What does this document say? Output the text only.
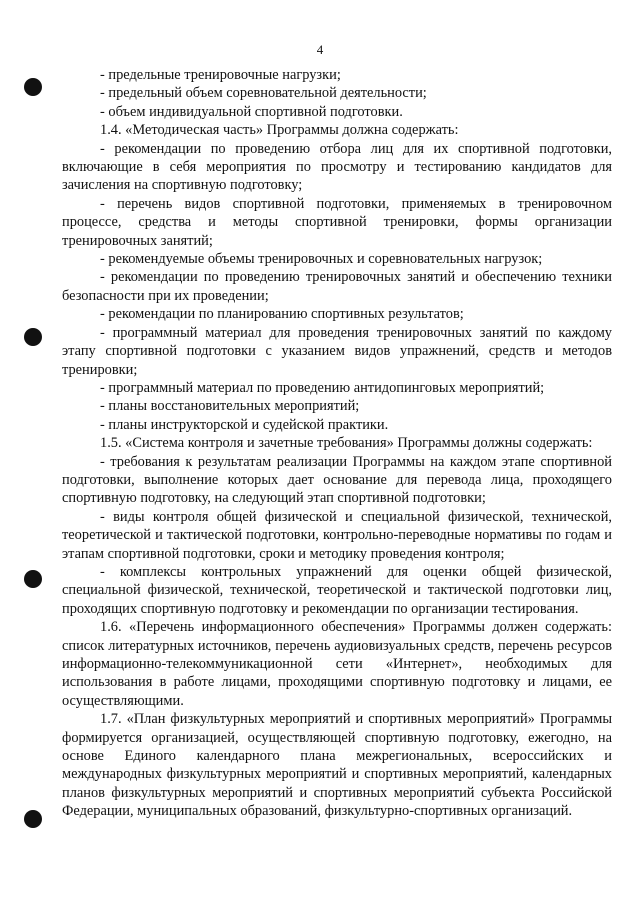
4

- предельные тренировочные нагрузки;

- предельный объем соревновательной деятельности;

- объем индивидуальной спортивной подготовки.

1.4. «Методическая часть» Программы должна содержать:

- рекомендации по проведению отбора лиц для их спортивной подготовки, включающие в себя мероприятия по просмотру и тестированию кандидатов для зачисления на спортивную подготовку;

- перечень видов спортивной подготовки, применяемых в тренировочном процессе, средства и методы спортивной тренировки, формы организации тренировочных занятий;

- рекомендуемые объемы тренировочных и соревновательных нагрузок;

- рекомендации по проведению тренировочных занятий и обеспечению техники безопасности при их проведении;

- рекомендации по планированию спортивных результатов;

- программный материал для проведения тренировочных занятий по каждому этапу спортивной подготовки с указанием видов упражнений, средств и методов тренировки;

- программный материал по проведению антидопинговых мероприятий;

- планы восстановительных мероприятий;

- планы инструкторской и судейской практики.

1.5. «Система контроля и зачетные требования» Программы должны содержать:

- требования к результатам реализации Программы на каждом этапе спортивной подготовки, выполнение которых дает основание для перевода лица, проходящего спортивную подготовку, на следующий этап спортивной подготовки;

- виды контроля общей физической и специальной физической, технической, теоретической и тактической подготовки, контрольно-переводные нормативы по годам и этапам спортивной подготовки, сроки и методику проведения контроля;

- комплексы контрольных упражнений для оценки общей физической, специальной физической, технической, теоретической и тактической подготовки лиц, проходящих спортивную подготовку и рекомендации по организации тестирования.

1.6. «Перечень информационного обеспечения» Программы должен содержать: список литературных источников, перечень аудиовизуальных средств, перечень ресурсов информационно-телекоммуникационной сети «Интернет», необходимых для использования в работе лицами, проходящими спортивную подготовку и лицами, ее осуществляющими.

1.7. «План физкультурных мероприятий и спортивных мероприятий» Программы формируется организацией, осуществляющей спортивную подготовку, ежегодно, на основе Единого календарного плана межрегиональных, всероссийских и международных физкультурных мероприятий и спортивных мероприятий, календарных планов физкультурных мероприятий и спортивных мероприятий субъекта Российской Федерации, муниципальных образований, физкультурно-спортивных организаций.
